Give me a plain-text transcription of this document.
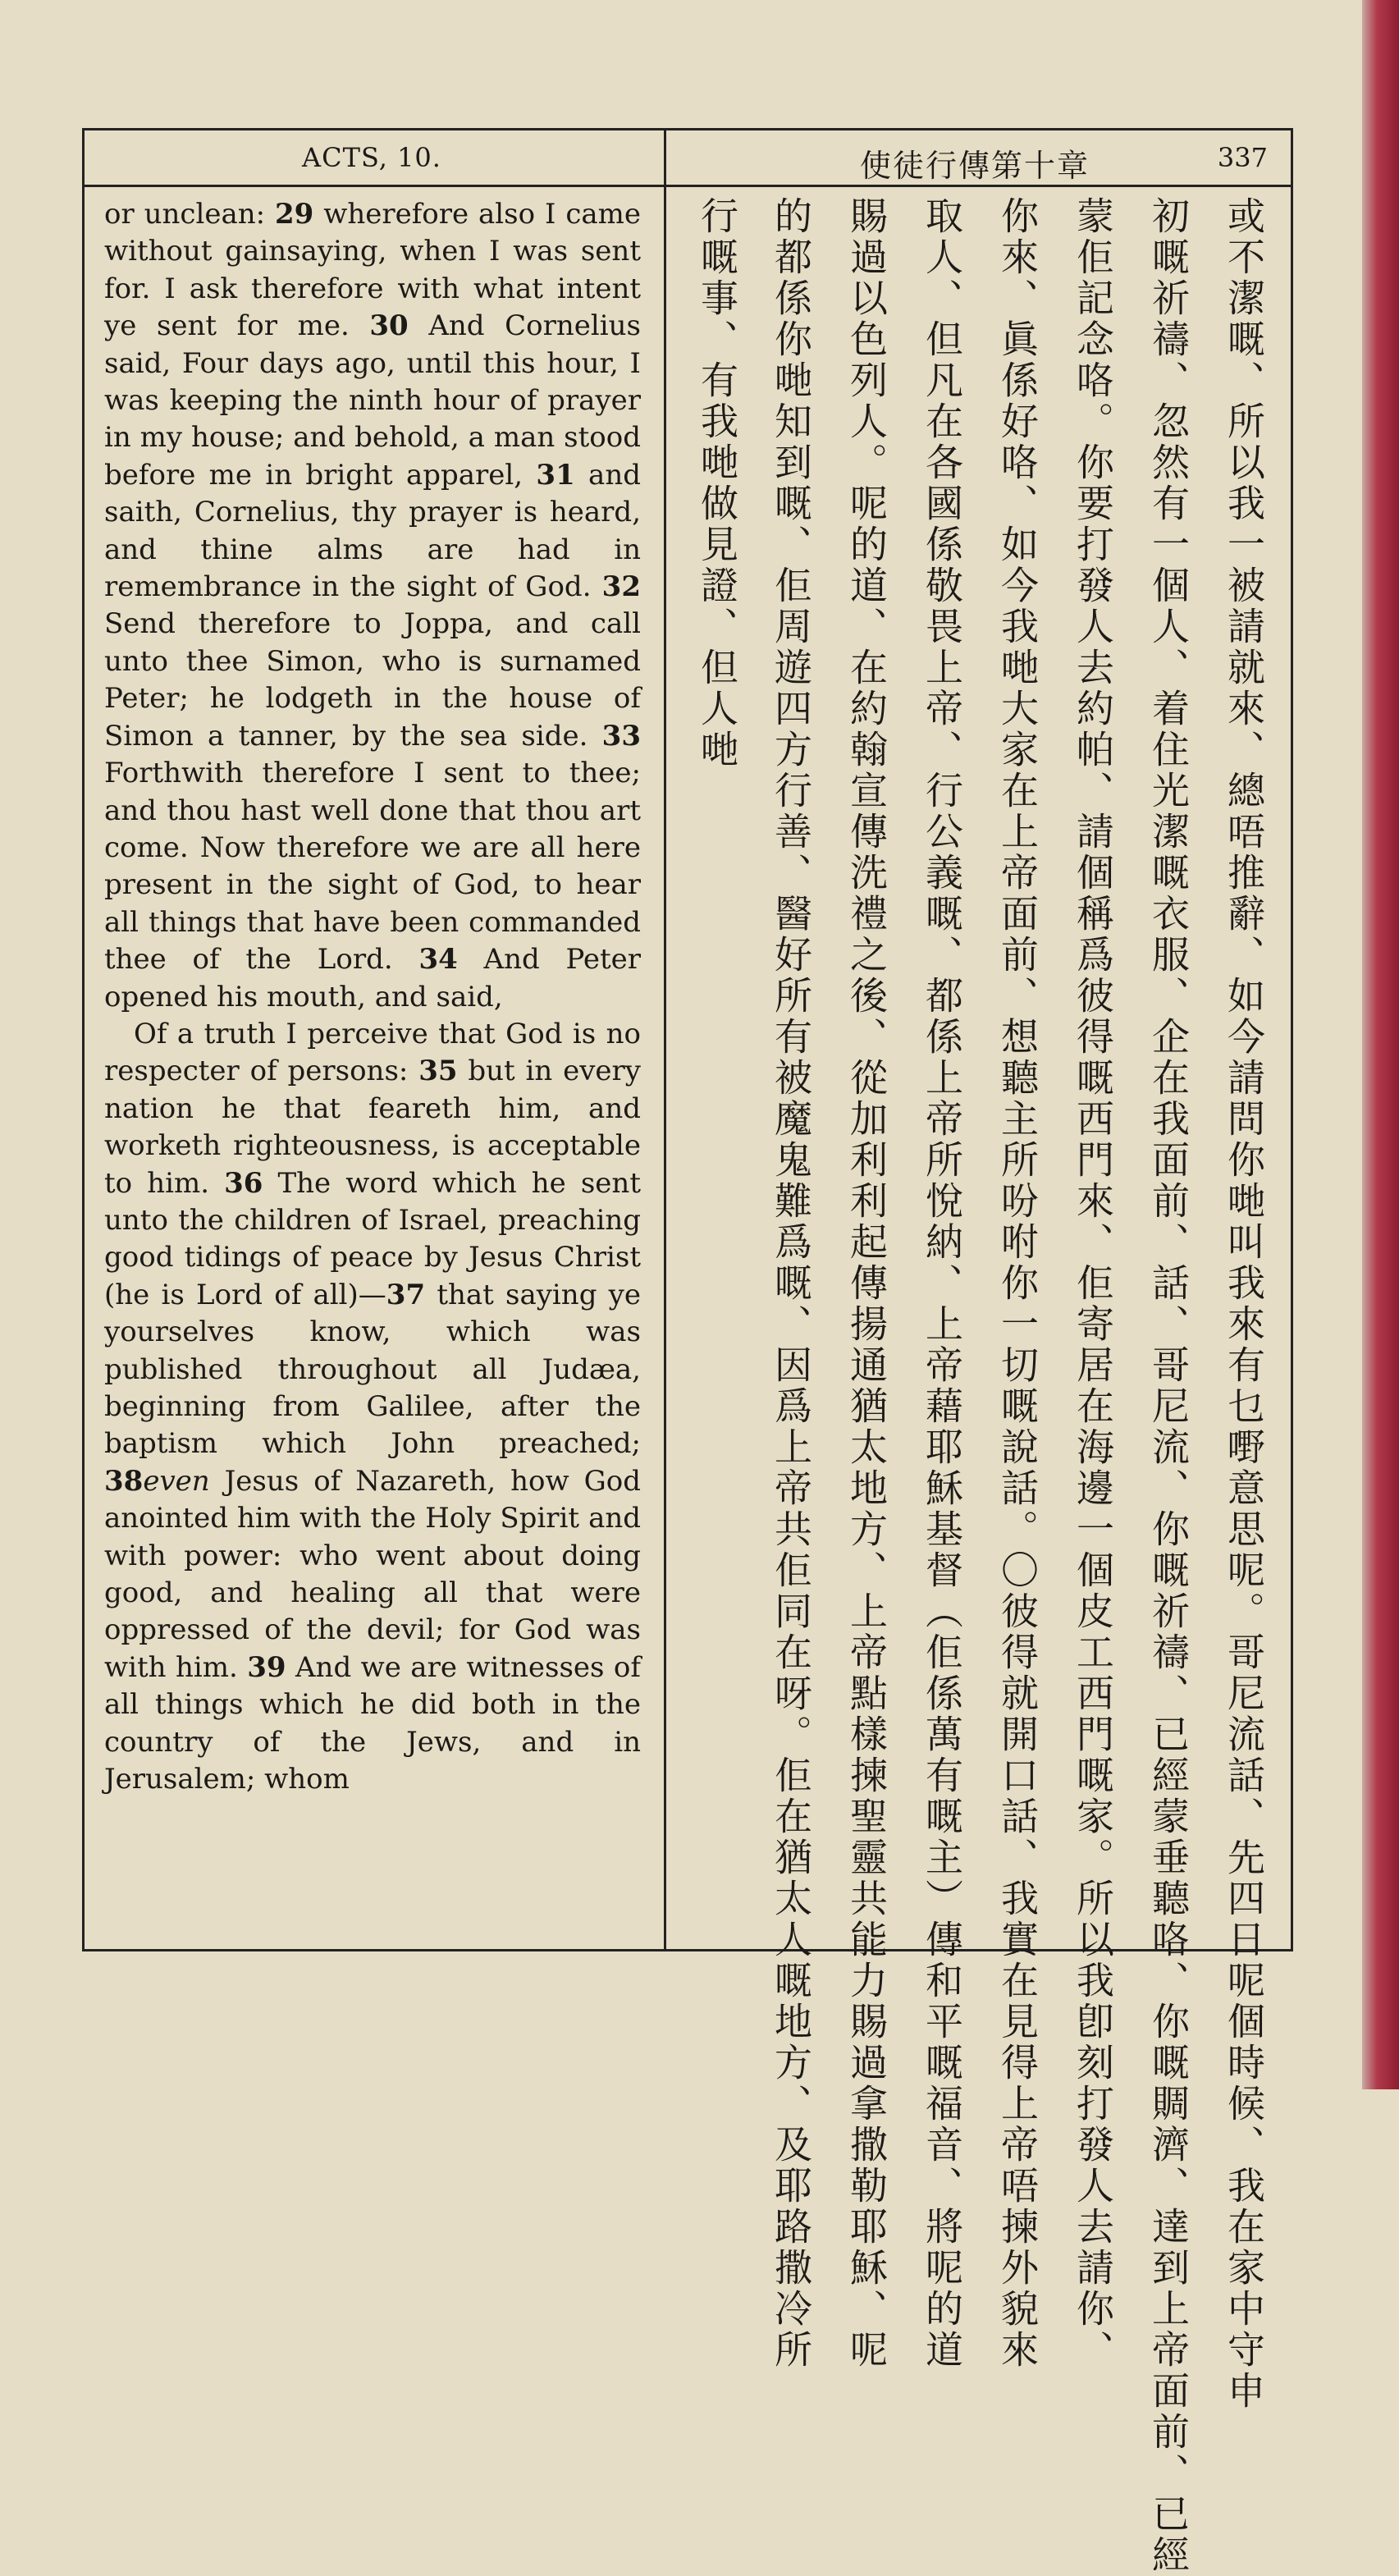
ACTS, 10.	使徒行傳第十章	337

or unclean: 29 wherefore also I came without gainsaying, when I was sent for. I ask therefore with what intent ye sent for me. 30 And Cornelius said, Four days ago, until this hour, I was keeping the ninth hour of prayer in my house; and behold, a man stood before me in bright apparel, 31 and saith, Cornelius, thy prayer is heard, and thine alms are had in remembrance in the sight of God. 32 Send therefore to Joppa, and call unto thee Simon, who is surnamed Peter; he lodgeth in the house of Simon a tanner, by the sea side. 33 Forthwith therefore I sent to thee; and thou hast well done that thou art come. Now therefore we are all here present in the sight of God, to hear all things that have been commanded thee of the Lord. 34 And Peter opened his mouth, and said,

Of a truth I perceive that God is no respecter of persons: 35 but in every nation he that feareth him, and worketh righteousness, is acceptable to him. 36 The word which he sent unto the children of Israel, preaching good tidings of peace by Jesus Christ (he is Lord of all)—37 that saying ye yourselves know, which was published throughout all Judæa, beginning from Galilee, after the baptism which John preached; 38even Jesus of Nazareth, how God anointed him with the Holy Spirit and with power: who went about doing good, and healing all that were oppressed of the devil; for God was with him. 39 And we are witnesses of all things which he did both in the country of the Jews, and in Jerusalem; whom	或不潔嘅、所以我一被請就來、總唔推辭、如今請問你哋叫我來有乜嘢意思呢。哥尼流話、先四日呢個時候、我在家中守申
初嘅祈禱、忽然有一個人、着住光潔嘅衣服、企在我面前、話、哥尼流、你嘅祈禱、已經蒙垂聽咯、你嘅賙濟、達到上帝面前、已經
蒙佢記念咯。你要打發人去約帕、請個稱爲彼得嘅西門來、佢寄居在海邊一個皮工西門嘅家。所以我卽刻打發人去請你、
你來、眞係好咯、如今我哋大家在上帝面前、想聽主所吩咐你一切嘅說話。〇彼得就開口話、我實在見得上帝唔揀外貌來
取人、但凡在各國係敬畏上帝、行公義嘅、都係上帝所悅納、上帝藉耶穌基督（佢係萬有嘅主）傳和平嘅福音、將呢的道
賜過以色列人。呢的道、在約翰宣傳洗禮之後、從加利利起傳揚通猶太地方、上帝點樣揀聖靈共能力賜過拿撒勒耶穌、呢
的都係你哋知到嘅、佢周遊四方行善、醫好所有被魔鬼難爲嘅、因爲上帝共佢同在呀。佢在猶太人嘅地方、及耶路撒冷所
行嘅事、有我哋做見證、但人哋
